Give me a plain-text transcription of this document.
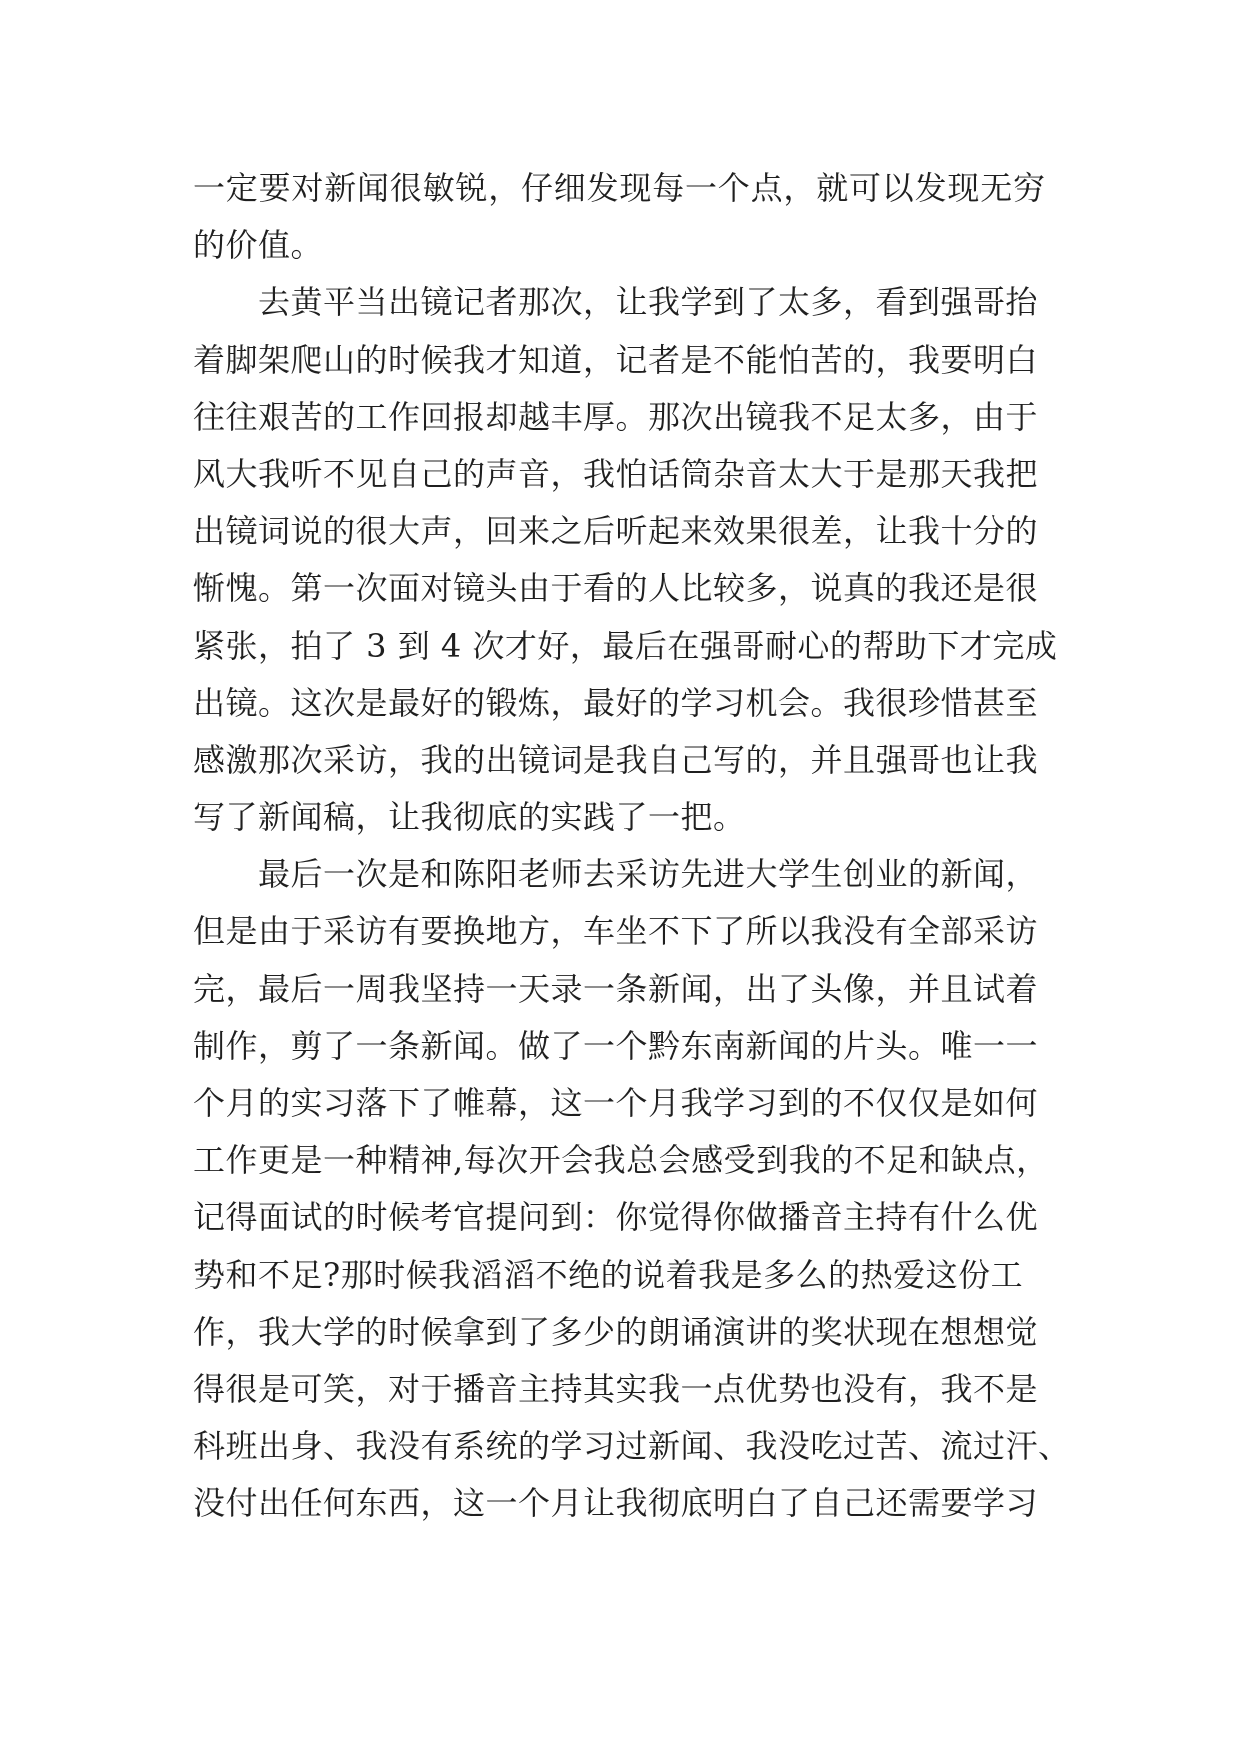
一定要对新闻很敏锐，仔细发现每一个点，就可以发现无穷
的价值。
去黄平当出镜记者那次，让我学到了太多，看到强哥抬
着脚架爬山的时候我才知道，记者是不能怕苦的，我要明白
往往艰苦的工作回报却越丰厚。那次出镜我不足太多，由于
风大我听不见自己的声音，我怕话筒杂音太大于是那天我把
出镜词说的很大声，回来之后听起来效果很差，让我十分的
惭愧。第一次面对镜头由于看的人比较多，说真的我还是很
紧张，拍了 3 到 4 次才好，最后在强哥耐心的帮助下才完成
出镜。这次是最好的锻炼，最好的学习机会。我很珍惜甚至
感激那次采访，我的出镜词是我自己写的，并且强哥也让我
写了新闻稿，让我彻底的实践了一把。
最后一次是和陈阳老师去采访先进大学生创业的新闻，
但是由于采访有要换地方，车坐不下了所以我没有全部采访
完，最后一周我坚持一天录一条新闻，出了头像，并且试着
制作，剪了一条新闻。做了一个黔东南新闻的片头。唯一一
个月的实习落下了帷幕，这一个月我学习到的不仅仅是如何
工作更是一种精神,每次开会我总会感受到我的不足和缺点，
记得面试的时候考官提问到：你觉得你做播音主持有什么优
势和不足?那时候我滔滔不绝的说着我是多么的热爱这份工
作，我大学的时候拿到了多少的朗诵演讲的奖状现在想想觉
得很是可笑，对于播音主持其实我一点优势也没有，我不是
科班出身、我没有系统的学习过新闻、我没吃过苦、流过汗、
没付出任何东西，这一个月让我彻底明白了自己还需要学习
